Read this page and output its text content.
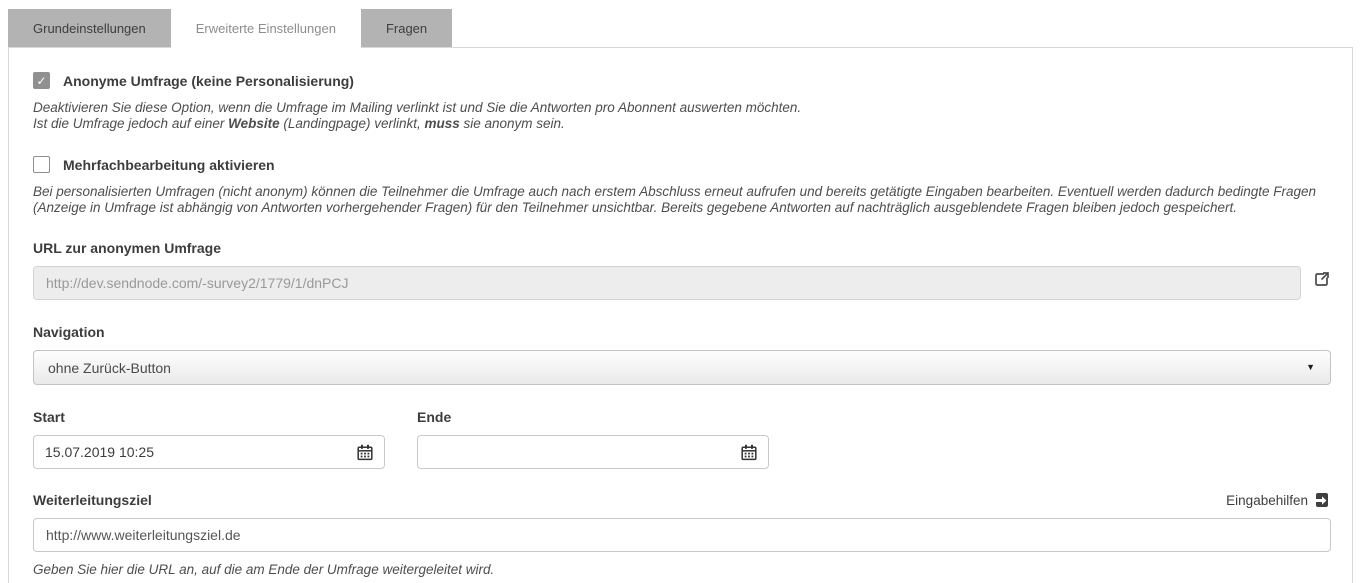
Grundeinstellungen	Erweiterte Einstellungen	Fragen
✓ Anonyme Umfrage (keine Personalisierung)
Deaktivieren Sie diese Option, wenn die Umfrage im Mailing verlinkt ist und Sie die Antworten pro Abonnent auswerten möchten.
Ist die Umfrage jedoch auf einer Website (Landingpage) verlinkt, muss sie anonym sein.
Mehrfachbearbeitung aktivieren
Bei personalisierten Umfragen (nicht anonym) können die Teilnehmer die Umfrage auch nach erstem Abschluss erneut aufrufen und bereits getätigte Eingaben bearbeiten. Eventuell werden dadurch bedingte Fragen (Anzeige in Umfrage ist abhängig von Antworten vorhergehender Fragen) für den Teilnehmer unsichtbar. Bereits gegebene Antworten auf nachträglich ausgeblendete Fragen bleiben jedoch gespeichert.
URL zur anonymen Umfrage
http://dev.sendnode.com/-survey2/1779/1/dnPCJ
Navigation
ohne Zurück-Button	▼
Start
15.07.2019 10:25	Ende
Weiterleitungsziel	Eingabehilfen
http://www.weiterleitungsziel.de
Geben Sie hier die URL an, auf die am Ende der Umfrage weitergeleitet wird.
